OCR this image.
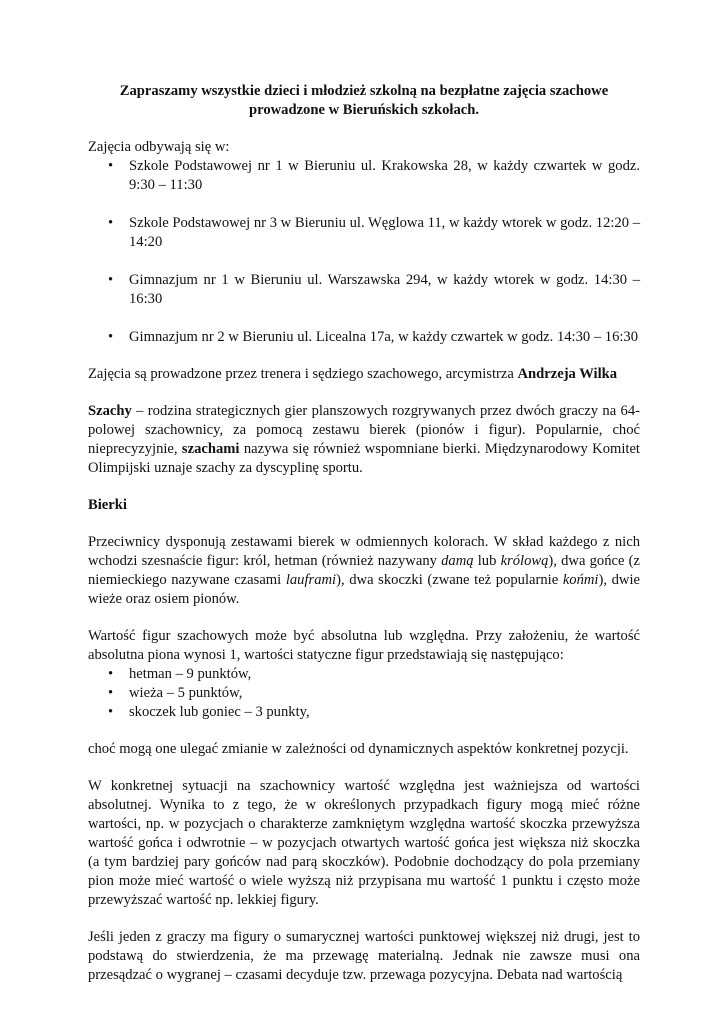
Zapraszamy wszystkie dzieci i młodzież szkolną na bezpłatne zajęcia szachowe
prowadzone w Bieruńskich szkołach.

Zajęcia odbywają się w:

• Szkole Podstawowej nr 1 w Bieruniu ul. Krakowska 28, w każdy czwartek w godz. 9:30 – 11:30
• Szkole Podstawowej nr 3 w Bieruniu ul. Węglowa 11, w każdy wtorek w godz. 12:20 – 14:20
• Gimnazjum nr 1 w Bieruniu ul. Warszawska 294, w każdy wtorek w godz. 14:30 – 16:30
• Gimnazjum nr 2 w Bieruniu ul. Licealna 17a, w każdy czwartek w godz. 14:30 – 16:30

Zajęcia są prowadzone przez trenera i sędziego szachowego, arcymistrza Andrzeja Wilka

Szachy – rodzina strategicznych gier planszowych rozgrywanych przez dwóch graczy na 64-polowej szachownicy, za pomocą zestawu bierek (pionów i figur). Popularnie, choć nieprecyzyjnie, szachami nazywa się również wspomniane bierki. Międzynarodowy Komitet Olimpijski uznaje szachy za dyscyplinę sportu.

Bierki

Przeciwnicy dysponują zestawami bierek w odmiennych kolorach. W skład każdego z nich wchodzi szesnaście figur: król, hetman (również nazywany damą lub królową), dwa gońce (z niemieckiego nazywane czasami lauframi), dwa skoczki (zwane też popularnie końmi), dwie wieże oraz osiem pionów.

Wartość figur szachowych może być absolutna lub względna. Przy założeniu, że wartość absolutna piona wynosi 1, wartości statyczne figur przedstawiają się następująco:

• hetman – 9 punktów,
• wieża – 5 punktów,
• skoczek lub goniec – 3 punkty,

choć mogą one ulegać zmianie w zależności od dynamicznych aspektów konkretnej pozycji.

W konkretnej sytuacji na szachownicy wartość względna jest ważniejsza od wartości absolutnej. Wynika to z tego, że w określonych przypadkach figury mogą mieć różne wartości, np. w pozycjach o charakterze zamkniętym względna wartość skoczka przewyższa wartość gońca i odwrotnie – w pozycjach otwartych wartość gońca jest większa niż skoczka (a tym bardziej pary gońców nad parą skoczków). Podobnie dochodzący do pola przemiany pion może mieć wartość o wiele wyższą niż przypisana mu wartość 1 punktu i często może przewyższać wartość np. lekkiej figury.

Jeśli jeden z graczy ma figury o sumarycznej wartości punktowej większej niż drugi, jest to podstawą do stwierdzenia, że ma przewagę materialną. Jednak nie zawsze musi ona przesądzać o wygranej – czasami decyduje tzw. przewaga pozycyjna. Debata nad wartością
